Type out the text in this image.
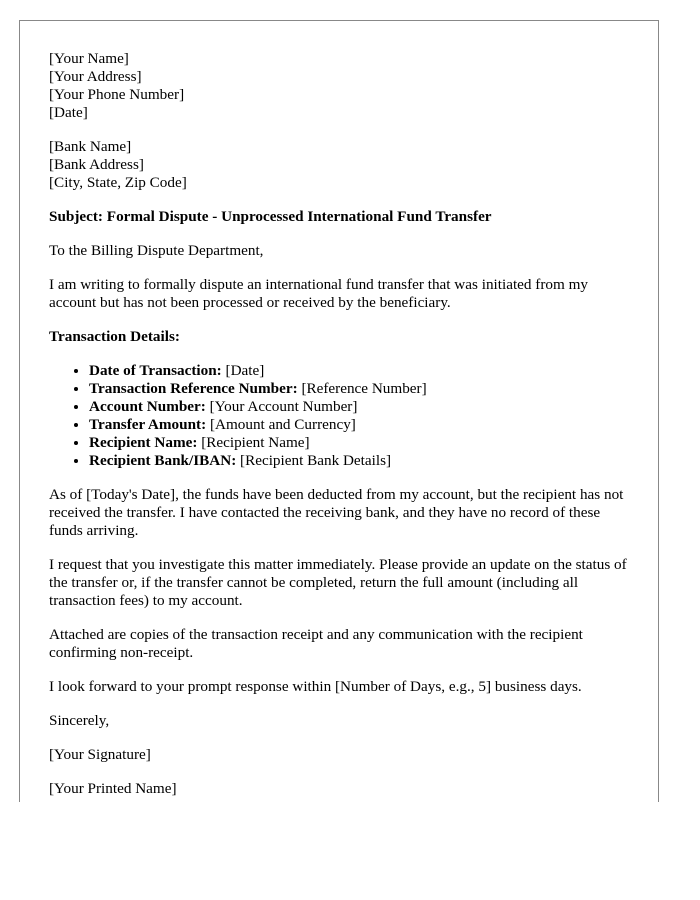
[Your Name]
[Your Address]
[Your Phone Number]
[Date]
[Bank Name]
[Bank Address]
[City, State, Zip Code]

Subject: Formal Dispute - Unprocessed International Fund Transfer

To the Billing Dispute Department,

I am writing to formally dispute an international fund transfer that was initiated from my account but has not been processed or received by the beneficiary.

Transaction Details:

• Date of Transaction: [Date]
• Transaction Reference Number: [Reference Number]
• Account Number: [Your Account Number]
• Transfer Amount: [Amount and Currency]
• Recipient Name: [Recipient Name]
• Recipient Bank/IBAN: [Recipient Bank Details]

As of [Today's Date], the funds have been deducted from my account, but the recipient has not received the transfer. I have contacted the receiving bank, and they have no record of these funds arriving.

I request that you investigate this matter immediately. Please provide an update on the status of the transfer or, if the transfer cannot be completed, return the full amount (including all transaction fees) to my account.

Attached are copies of the transaction receipt and any communication with the recipient confirming non-receipt.

I look forward to your prompt response within [Number of Days, e.g., 5] business days.

Sincerely,

[Your Signature]

[Your Printed Name]
